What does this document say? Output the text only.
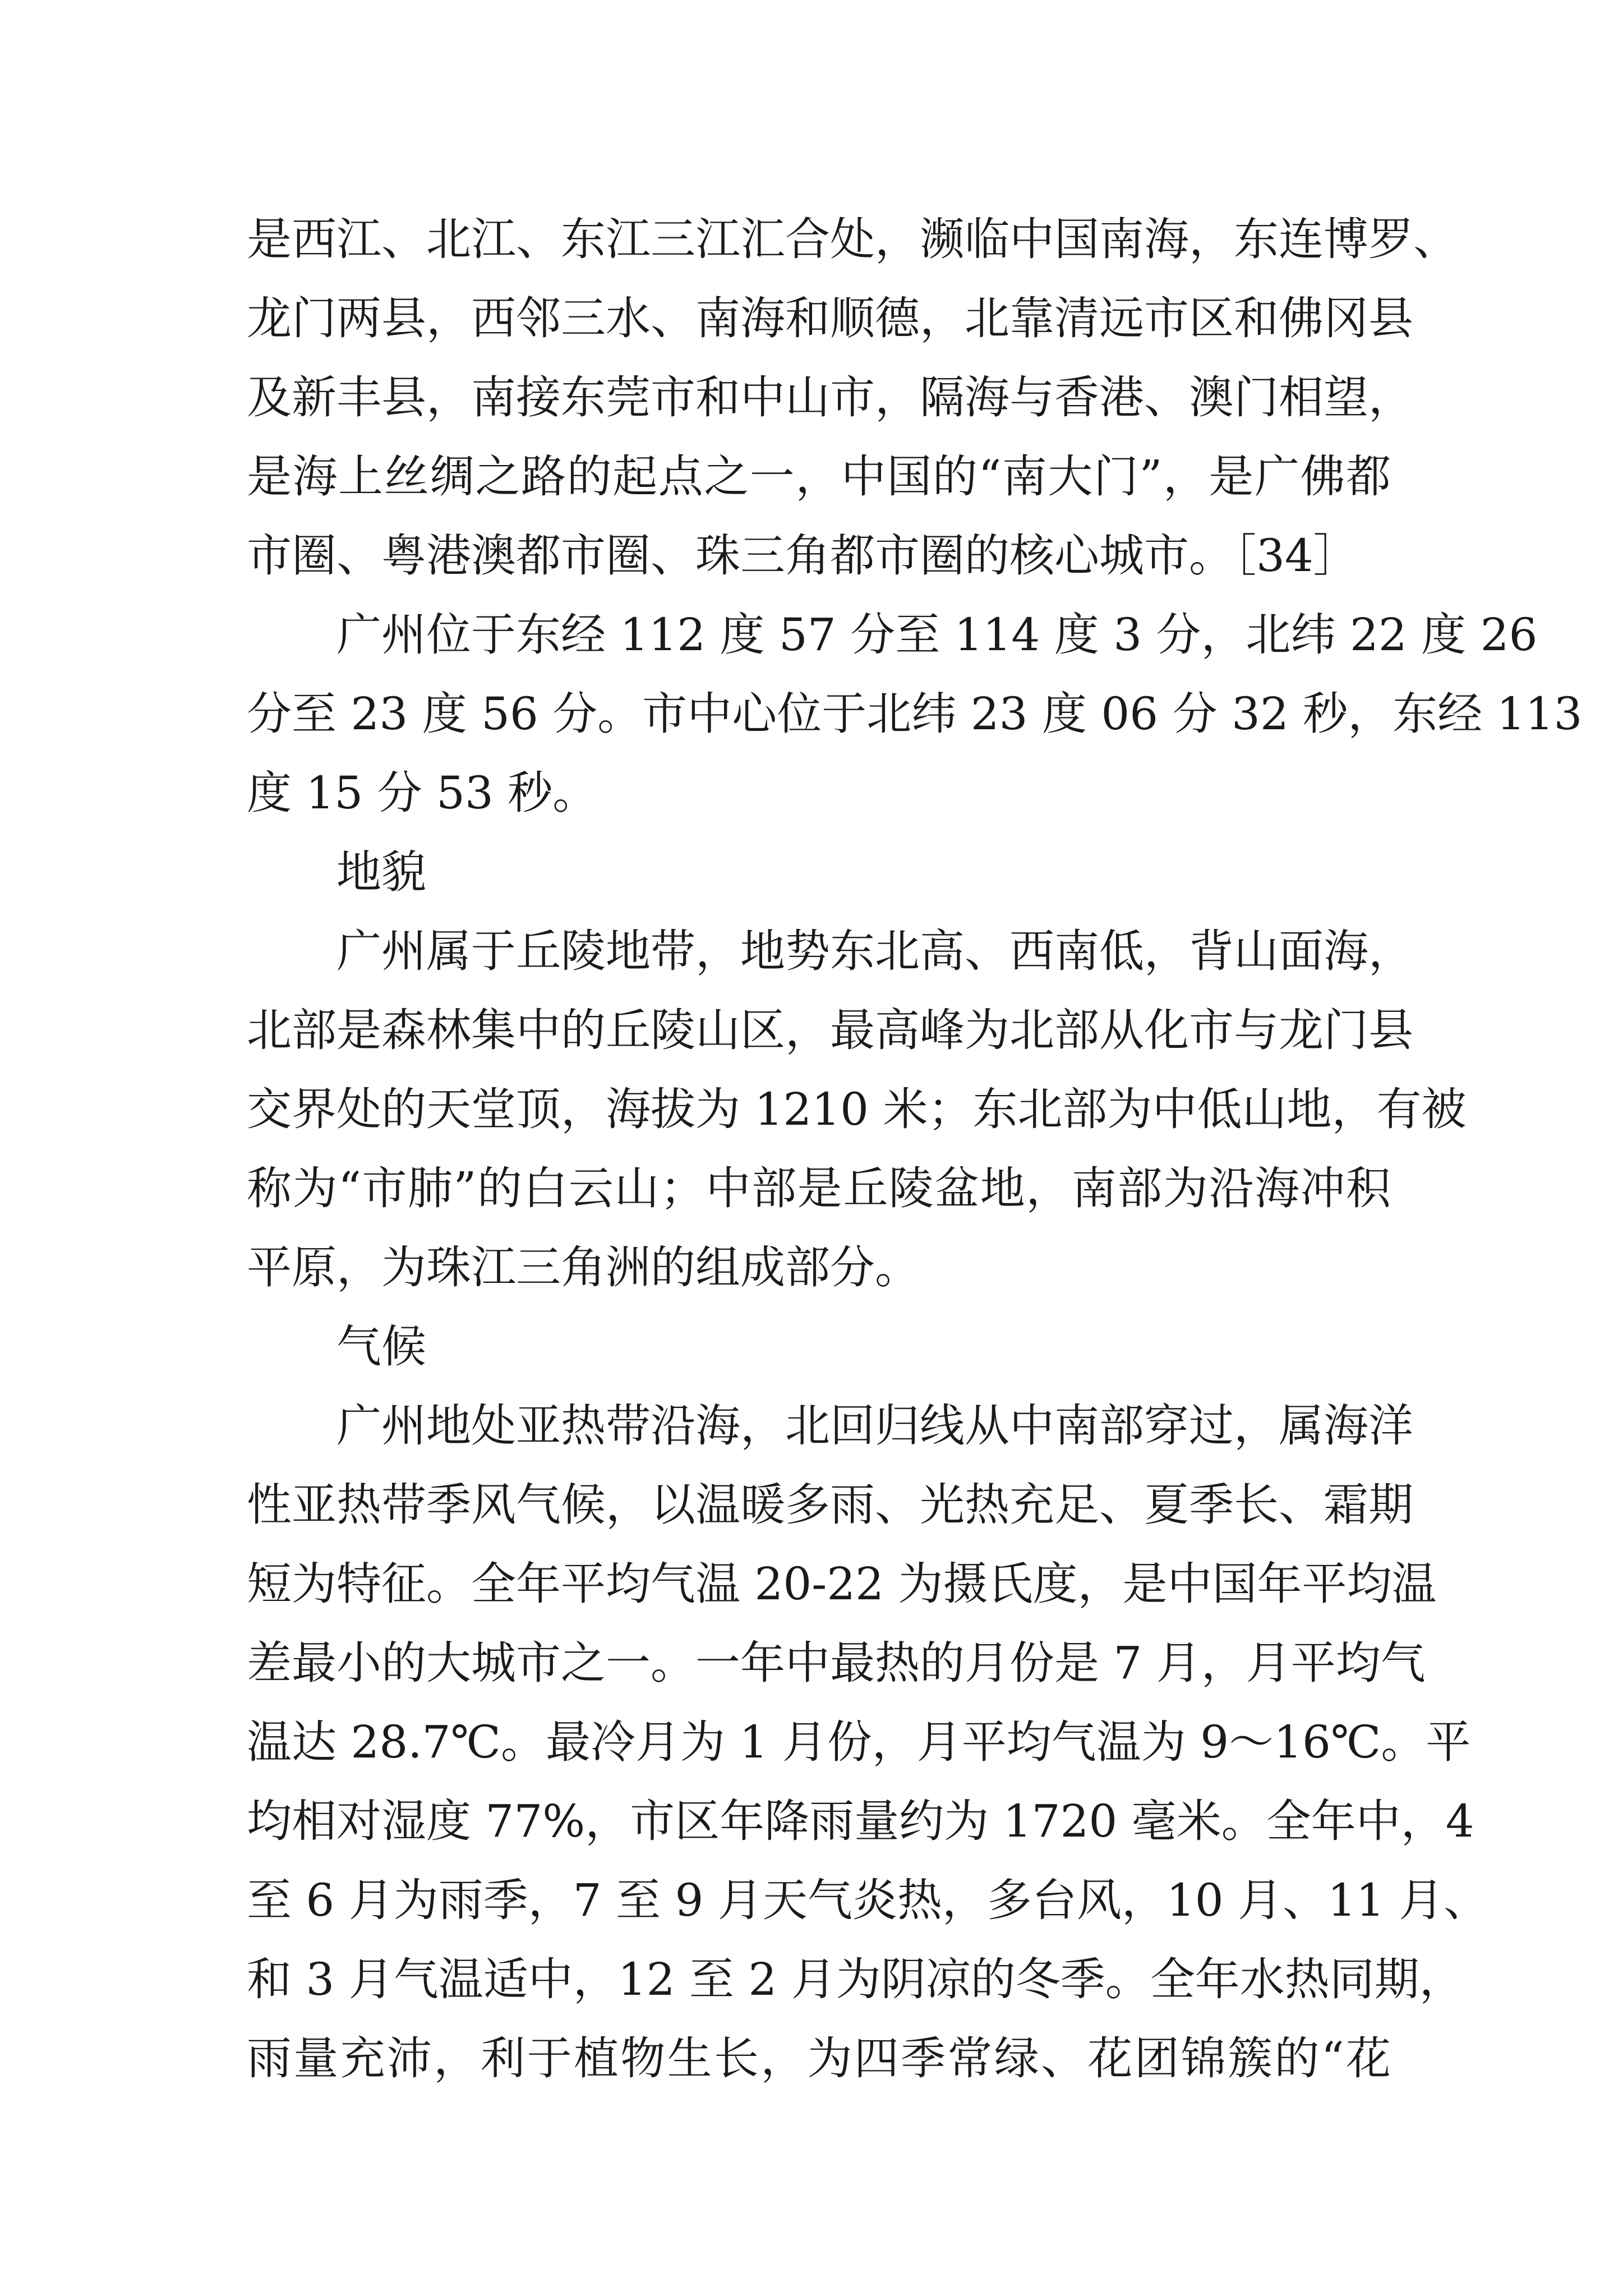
是西江、北江、东江三江汇合处，濒临中国南海，东连博罗、
龙门两县，西邻三水、南海和顺德，北靠清远市区和佛冈县
及新丰县，南接东莞市和中山市，隔海与香港、澳门相望，
是海上丝绸之路的起点之一，中国的“南大门”，是广佛都
市圈、粤港澳都市圈、珠三角都市圈的核心城市。［34］
广州位于东经 112 度 57 分至 114 度 3 分，北纬 22 度 26
分至 23 度 56 分。市中心位于北纬 23 度 06 分 32 秒，东经 113
度 15 分 53 秒。
地貌
广州属于丘陵地带，地势东北高、西南低，背山面海，
北部是森林集中的丘陵山区，最高峰为北部从化市与龙门县
交界处的天堂顶，海拔为 1210 米；东北部为中低山地，有被
称为“市肺”的白云山；中部是丘陵盆地，南部为沿海冲积
平原，为珠江三角洲的组成部分。
气候
广州地处亚热带沿海，北回归线从中南部穿过，属海洋
性亚热带季风气候，以温暖多雨、光热充足、夏季长、霜期
短为特征。全年平均气温 20-22 为摄氏度，是中国年平均温
差最小的大城市之一。一年中最热的月份是 7 月，月平均气
温达 28.7℃。最冷月为 1 月份，月平均气温为 9～16℃。平
均相对湿度 77%，市区年降雨量约为 1720 毫米。全年中，4
至 6 月为雨季，7 至 9 月天气炎热，多台风，10 月、11 月、
和 3 月气温适中，12 至 2 月为阴凉的冬季。全年水热同期，
雨量充沛，利于植物生长，为四季常绿、花团锦簇的“花
